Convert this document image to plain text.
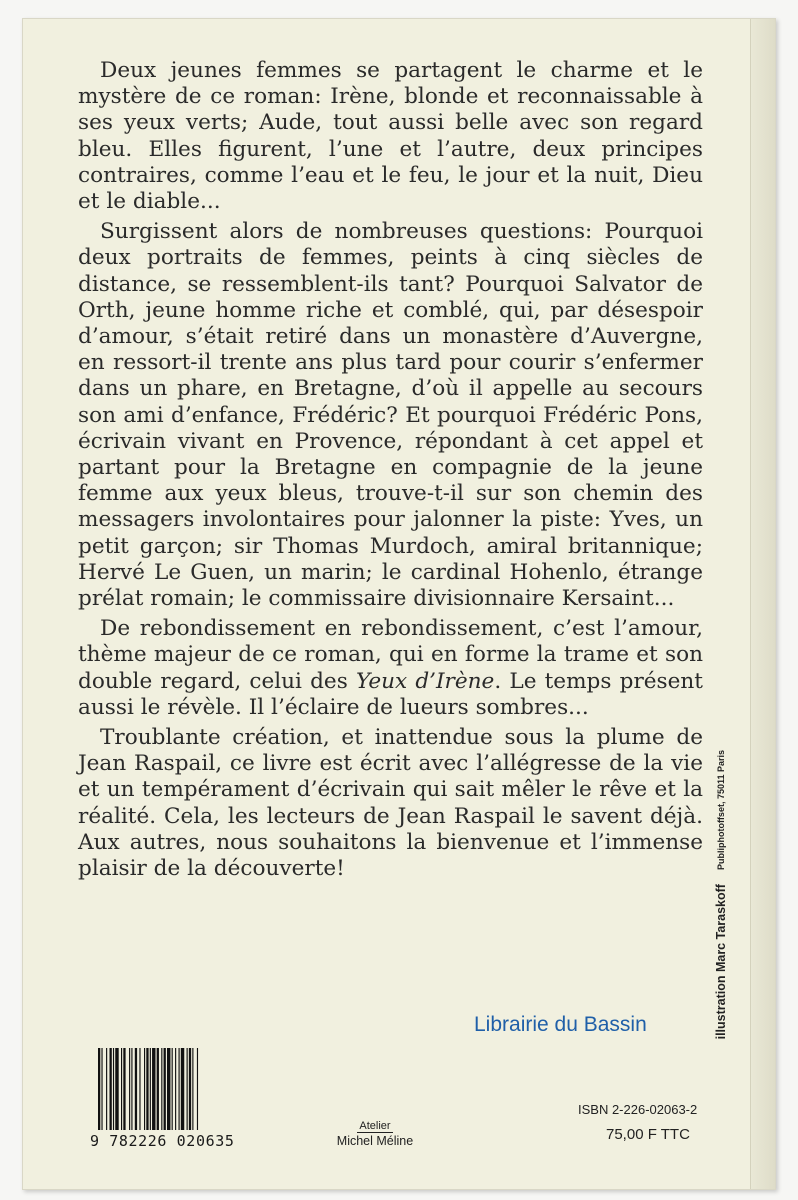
Deux jeunes femmes se partagent le charme et le mystère de ce roman: Irène, blonde et reconnaissable à ses yeux verts; Aude, tout aussi belle avec son regard bleu. Elles figurent, l’une et l’autre, deux principes contraires, comme l’eau et le feu, le jour et la nuit, Dieu et le diable...

Surgissent alors de nombreuses questions: Pourquoi deux portraits de femmes, peints à cinq siècles de distance, se ressemblent-ils tant? Pourquoi Salvator de Orth, jeune homme riche et comblé, qui, par désespoir d’amour, s’était retiré dans un monastère d’Auvergne, en ressort-il trente ans plus tard pour courir s’enfermer dans un phare, en Bretagne, d’où il appelle au secours son ami d’enfance, Frédéric? Et pourquoi Frédéric Pons, écrivain vivant en Provence, répondant à cet appel et partant pour la Bretagne en compagnie de la jeune femme aux yeux bleus, trouve-t-il sur son chemin des messagers involontaires pour jalonner la piste: Yves, un petit garçon; sir Thomas Murdoch, amiral britannique; Hervé Le Guen, un marin; le cardinal Hohenlo, étrange prélat romain; le commissaire divisionnaire Kersaint...

De rebondissement en rebondissement, c’est l’amour, thème majeur de ce roman, qui en forme la trame et son double regard, celui des Yeux d’Irène. Le temps présent aussi le révèle. Il l’éclaire de lueurs sombres...

Troublante création, et inattendue sous la plume de Jean Raspail, ce livre est écrit avec l’allégresse de la vie et un tempérament d’écrivain qui sait mêler le rêve et la réalité. Cela, les lecteurs de Jean Raspail le savent déjà. Aux autres, nous souhaitons la bienvenue et l’immense plaisir de la découverte!

illustration Marc Taraskoff
Publiphotoffset, 75011 Paris
Librairie du Bassin
9 782226 020635
Atelier
Michel Méline
ISBN 2-226-02063-2
75,00 F TTC
